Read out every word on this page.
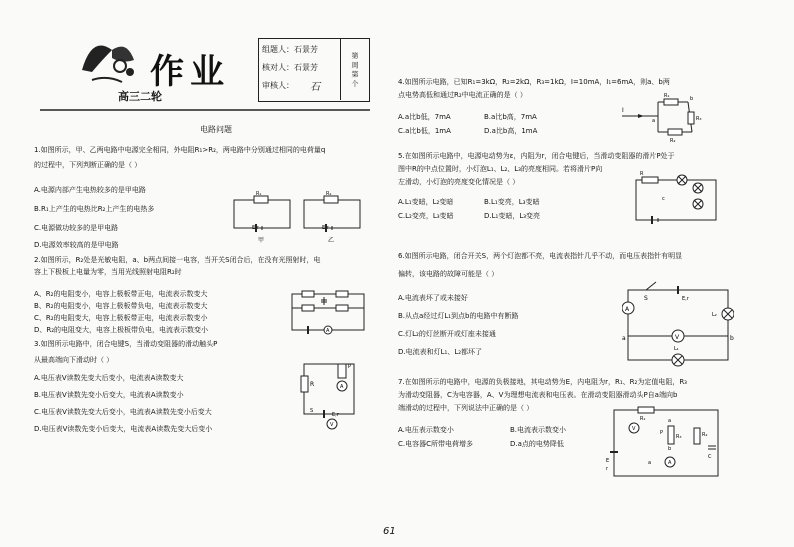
作业
高三二轮
组题人：石景芳
核对人：石景芳
审核人： 石
第 周 第 个
电路问题
1.如图所示，甲、乙两电路中电源完全相同，外电阻R₁>R₂，两电路中分别通过相同的电荷量q
的过程中，下列判断正确的是（ ）
A.电源内部产生电热较多的是甲电路
B.R₁上产生的电热比R₂上产生的电热多
C.电源做功较多的是甲电路
D.电源效率较高的是甲电路
R₁
E,r
甲
R₂
E,r
乙
2.如图所示，R₂处是光敏电阻，a、b两点间接一电容，当开关S闭合后，在没有光照射时，电
容上下极板上电量为零，当用光线照射电阻R₂时
A、R₂的电阻变小，电容上极板带正电，电流表示数变大
B、R₂的电阻变小，电容上极板带负电，电流表示数变大
C、R₂的电阻变大，电容上极板带正电，电流表示数变小
D、R₂的电阻变大，电容上极板带负电，电流表示数变小	A
3.如图所示电路中，闭合电键S，当滑动变阻器的滑动触头P
从最高端向下滑动时（ ）
A.电压表V读数先变大后变小，电流表A读数变大
B.电压表V读数先变小后变大，电流表A读数变小
C.电压表V读数先变大后变小，电流表A读数先变小后变大
D.电压表V读数先变小后变大，电流表A读数先变大后变小
R	A
P
E,r
S
V
4.如图所示电路，已知R₁=3kΩ，R₂=2kΩ，R₃=1kΩ，I=10mA，I₁=6mA，则a、b两
点电势高低和通过R₂中电流正确的是（ ）
A.a比b低，7mA	B.a比b高，7mA
C.a比b低，1mA	D.a比b高，1mA
I
R₁
R₂
R₃
a
b
5.在如图所示电路中，电源电动势为ε，内阻为r，闭合电键后，当滑动变阻器的滑片P处于
图中R的中点位置时，小灯泡L₁、L₂、L₃的亮度相同。若将滑片P向
左滑动，小灯泡的亮度变化情况是（ ）
A.L₁变暗，L₂变暗	B.L₁变亮，L₃变暗
C.L₂变亮，L₃变暗	D.L₁变暗，L₃变亮
R
c
6.如图所示电路，闭合开关S，两个灯泡都不亮，电流表指针几乎不动，而电压表指针有明显
偏转，该电路的故障可能是（ ）
A.电流表坏了或未接好
B.从点a经过灯L₁到点b的电路中有断路
C.灯L₂的灯丝断开或灯座未接通
D.电流表和灯L₁、L₂都坏了
S	E,r
A
L₂
V
a	b
L₁
7.在如图所示的电路中，电源的负极接地，其电动势为E，内电阻为r，R₁、R₂为定值电阻，R₃
为滑动变阻器，C为电容器，A、V为理想电流表和电压表。在滑动变阻器滑动头P自a端向b
端滑动的过程中，下列说法中正确的是（ ）
A.电压表示数变小	B.电流表示数变小
C.电容器C所带电荷增多	D.a点的电势降低
R₁
V
R₃
P
a
b
R₂
C
E
r
A
a
61
